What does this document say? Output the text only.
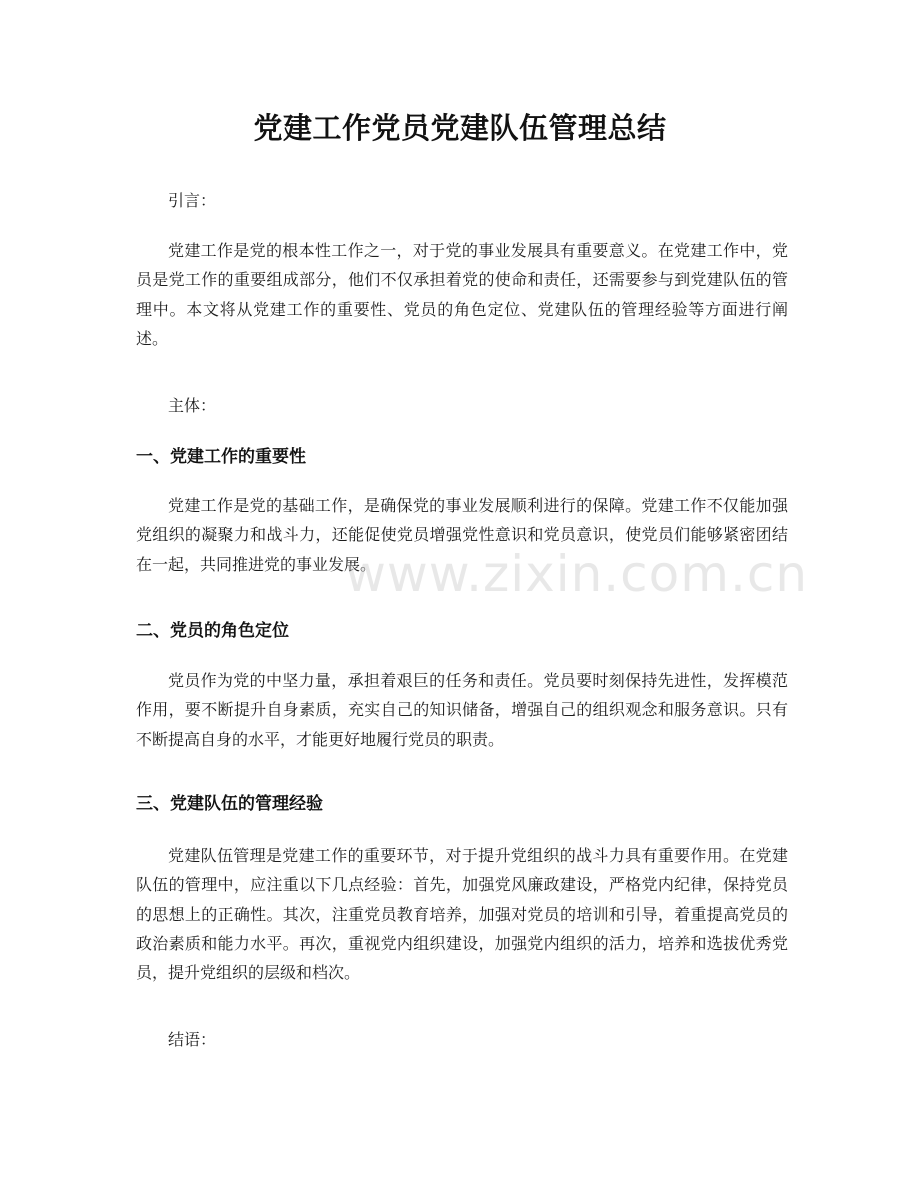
党建工作党员党建队伍管理总结
引言：

党建工作是党的根本性工作之一，对于党的事业发展具有重要意义。在党建工作中，党员是党工作的重要组成部分，他们不仅承担着党的使命和责任，还需要参与到党建队伍的管理中。本文将从党建工作的重要性、党员的角色定位、党建队伍的管理经验等方面进行阐述。

主体：
一、党建工作的重要性

党建工作是党的基础工作，是确保党的事业发展顺利进行的保障。党建工作不仅能加强党组织的凝聚力和战斗力，还能促使党员增强党性意识和党员意识，使党员们能够紧密团结在一起，共同推进党的事业发展。

二、党员的角色定位

党员作为党的中坚力量，承担着艰巨的任务和责任。党员要时刻保持先进性，发挥模范作用，要不断提升自身素质，充实自己的知识储备，增强自己的组织观念和服务意识。只有不断提高自身的水平，才能更好地履行党员的职责。

三、党建队伍的管理经验

党建队伍管理是党建工作的重要环节，对于提升党组织的战斗力具有重要作用。在党建队伍的管理中，应注重以下几点经验：首先，加强党风廉政建设，严格党内纪律，保持党员的思想上的正确性。其次，注重党员教育培养，加强对党员的培训和引导，着重提高党员的政治素质和能力水平。再次，重视党内组织建设，加强党内组织的活力，培养和选拔优秀党员，提升党组织的层级和档次。

结语：
www.zixin.com.cn
